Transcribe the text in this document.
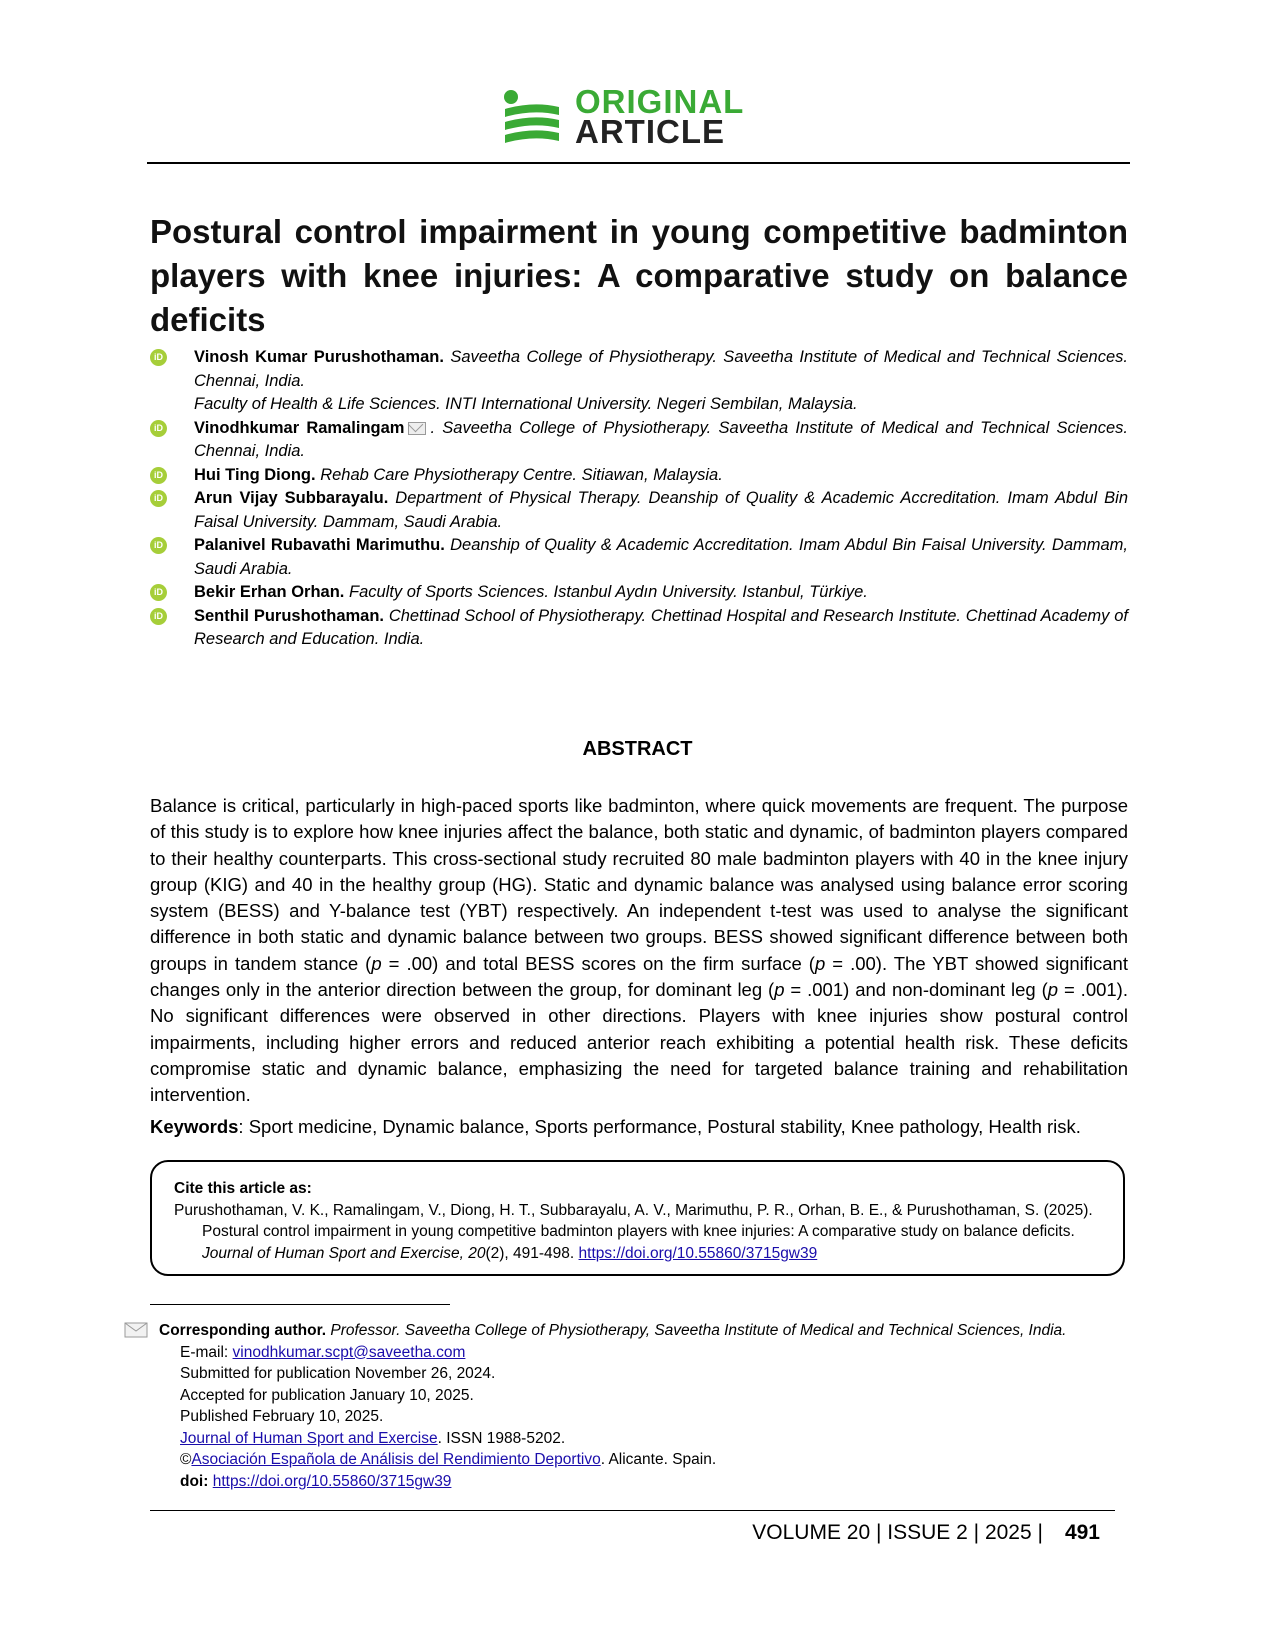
ORIGINAL
ARTICLE
Postural control impairment in young competitive badminton
players with knee injuries: A comparative study on balance deficits
iD Vinosh Kumar Purushothaman. Saveetha College of Physiotherapy. Saveetha Institute of Medical and Technical Sciences. Chennai, India.
Faculty of Health & Life Sciences. INTI International University. Negeri Sembilan, Malaysia.
iD Vinodhkumar Ramalingam . Saveetha College of Physiotherapy. Saveetha Institute of Medical and Technical Sciences. Chennai, India.
iD Hui Ting Diong. Rehab Care Physiotherapy Centre. Sitiawan, Malaysia.
iD Arun Vijay Subbarayalu. Department of Physical Therapy. Deanship of Quality & Academic Accreditation. Imam Abdul Bin Faisal University. Dammam, Saudi Arabia.
iD Palanivel Rubavathi Marimuthu. Deanship of Quality & Academic Accreditation. Imam Abdul Bin Faisal University. Dammam, Saudi Arabia.
iD Bekir Erhan Orhan. Faculty of Sports Sciences. Istanbul Aydın University. Istanbul, Türkiye.
iD Senthil Purushothaman. Chettinad School of Physiotherapy. Chettinad Hospital and Research Institute. Chettinad Academy of Research and Education. India.
ABSTRACT
Balance is critical, particularly in high-paced sports like badminton, where quick movements are frequent. The purpose of this study is to explore how knee injuries affect the balance, both static and dynamic, of badminton players compared to their healthy counterparts. This cross-sectional study recruited 80 male badminton players with 40 in the knee injury group (KIG) and 40 in the healthy group (HG). Static and dynamic balance was analysed using balance error scoring system (BESS) and Y-balance test (YBT) respectively. An independent t-test was used to analyse the significant difference in both static and dynamic balance between two groups. BESS showed significant difference between both groups in tandem stance (p = .00) and total BESS scores on the firm surface (p = .00). The YBT showed significant changes only in the anterior direction between the group, for dominant leg (p = .001) and non-dominant leg (p = .001). No significant differences were observed in other directions. Players with knee injuries show postural control impairments, including higher errors and reduced anterior reach exhibiting a potential health risk. These deficits compromise static and dynamic balance, emphasizing the need for targeted balance training and rehabilitation intervention.
Keywords: Sport medicine, Dynamic balance, Sports performance, Postural stability, Knee pathology, Health risk.
Cite this article as:
Purushothaman, V. K., Ramalingam, V., Diong, H. T., Subbarayalu, A. V., Marimuthu, P. R., Orhan, B. E., & Purushothaman, S. (2025). Postural control impairment in young competitive badminton players with knee injuries: A comparative study on balance deficits. Journal of Human Sport and Exercise, 20(2), 491-498. https://doi.org/10.55860/3715gw39
Corresponding author. Professor. Saveetha College of Physiotherapy, Saveetha Institute of Medical and Technical Sciences, India.
E-mail: vinodhkumar.scpt@saveetha.com
Submitted for publication November 26, 2024.
Accepted for publication January 10, 2025.
Published February 10, 2025.
Journal of Human Sport and Exercise. ISSN 1988-5202.
©Asociación Española de Análisis del Rendimiento Deportivo. Alicante. Spain.
doi: https://doi.org/10.55860/3715gw39
VOLUME 20 | ISSUE 2 | 2025 | 491
